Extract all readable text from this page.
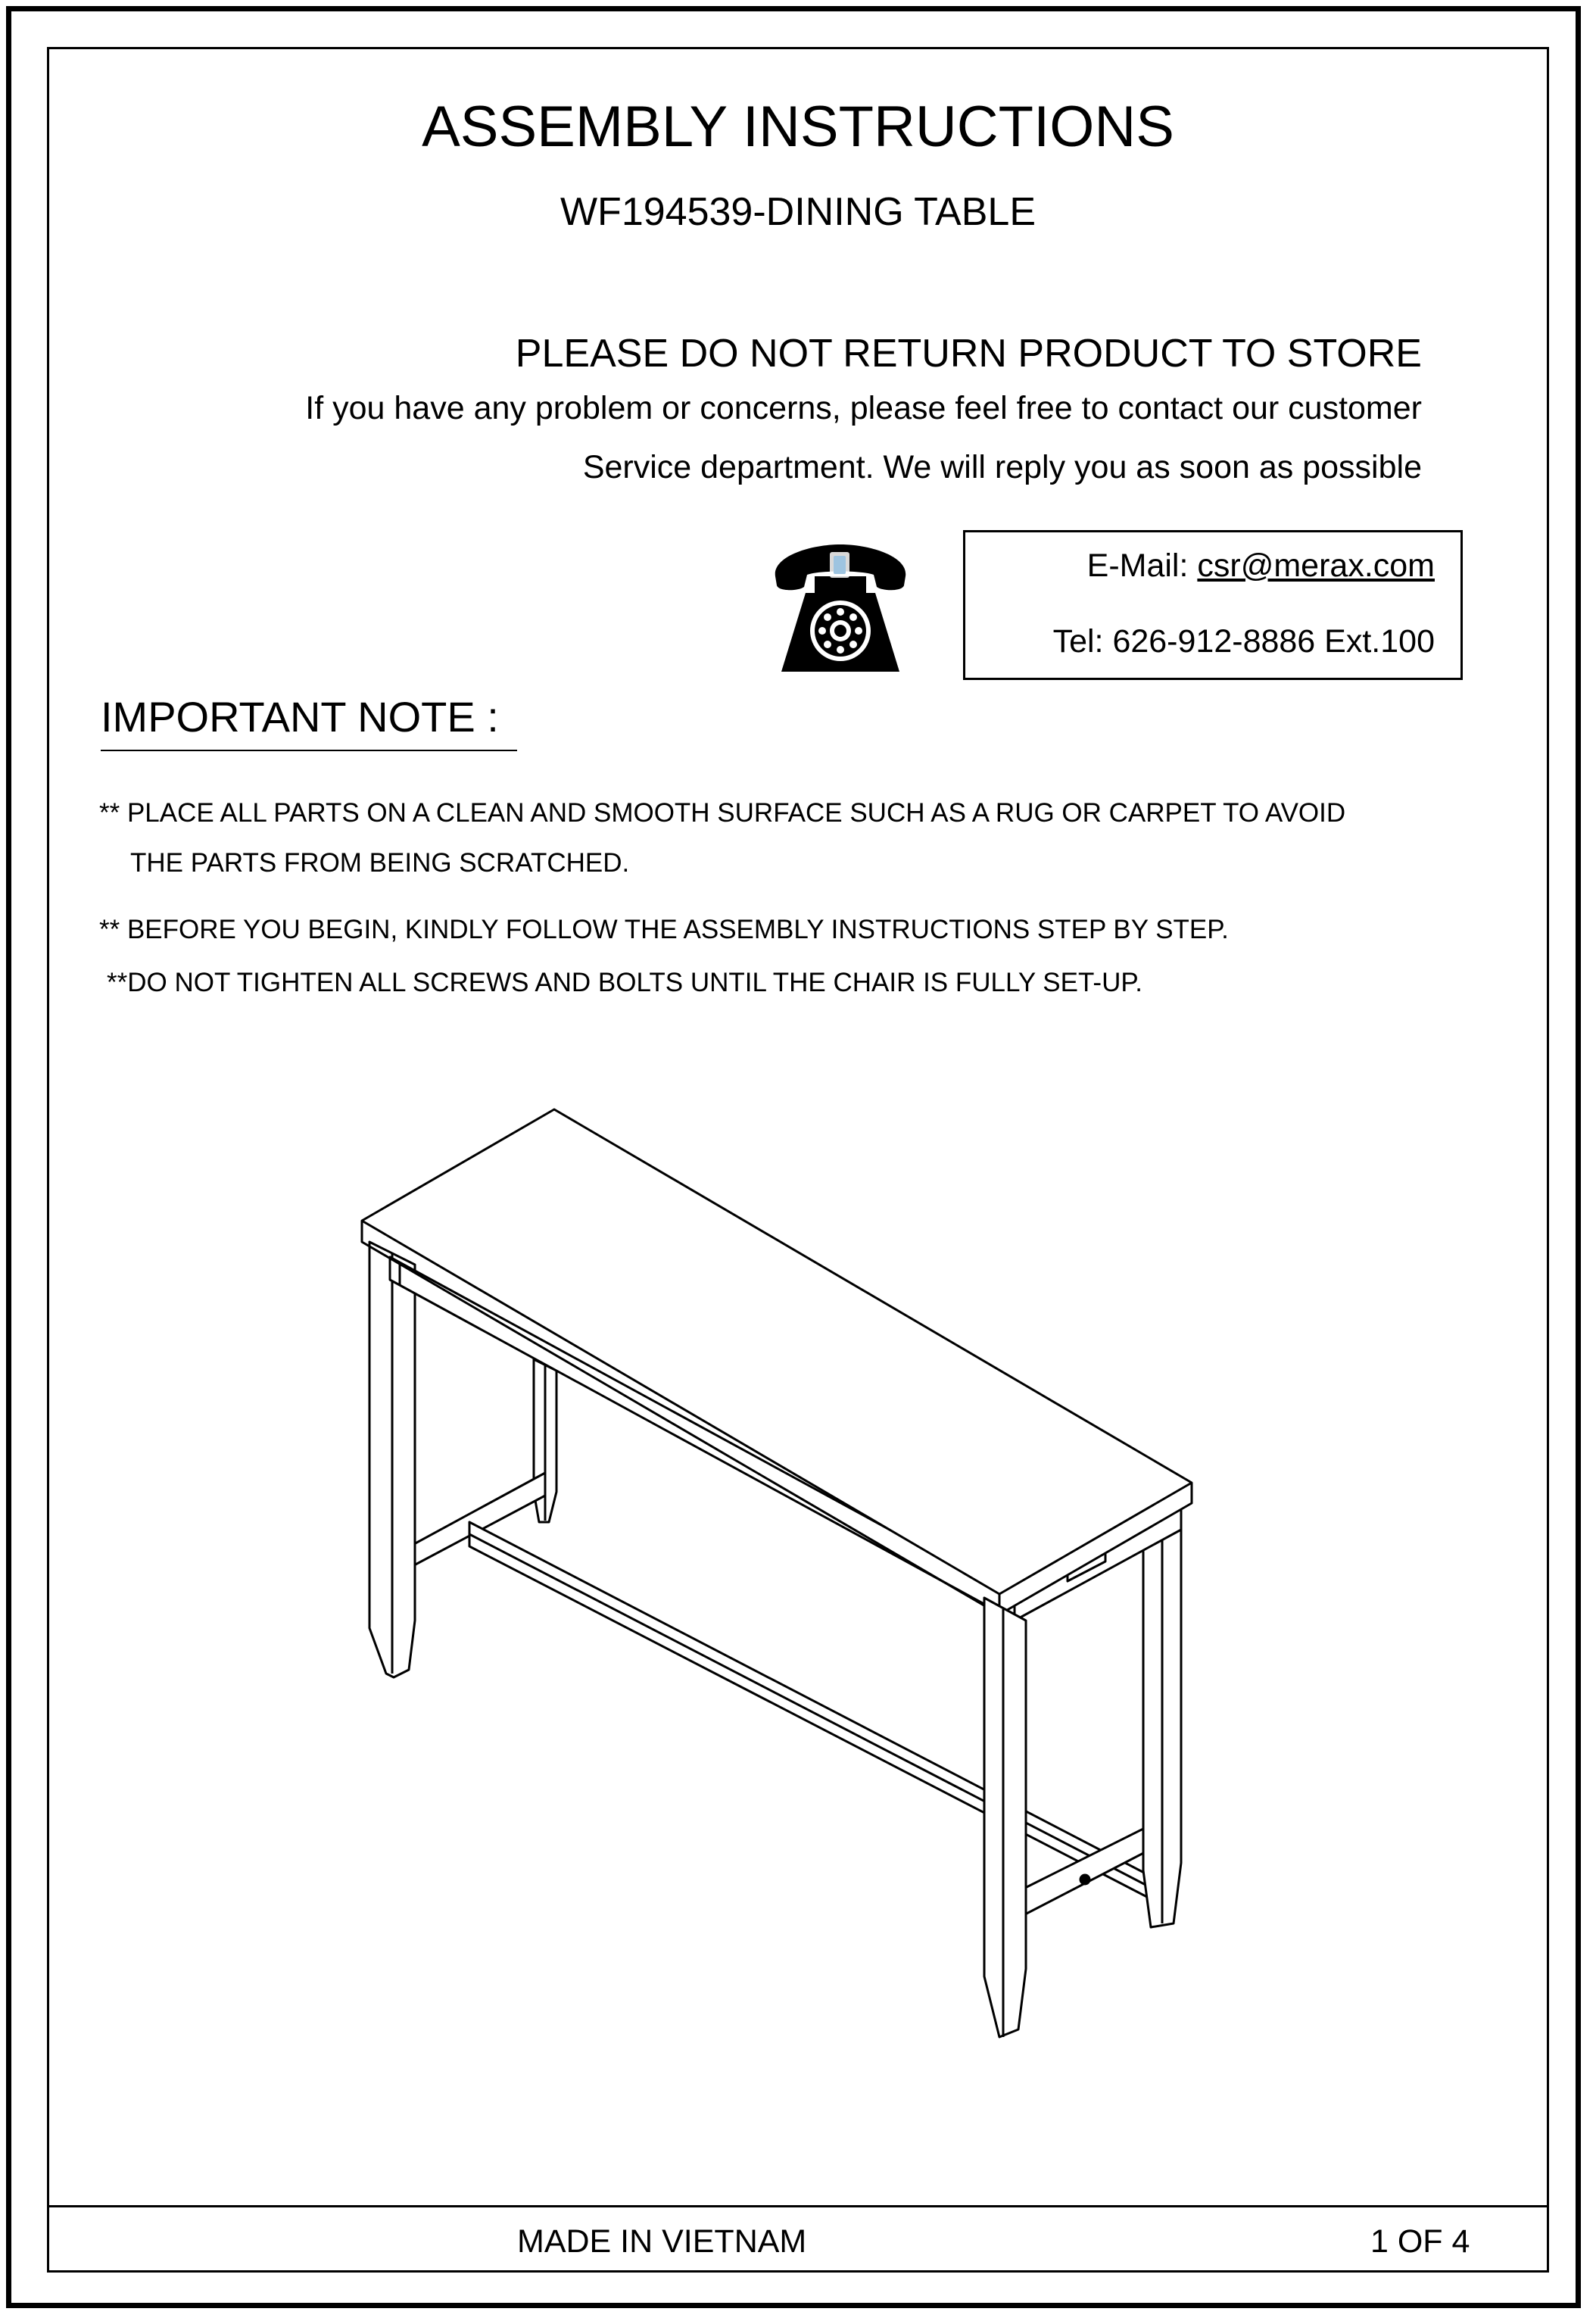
ASSEMBLY INSTRUCTIONS
WF194539-DINING TABLE
PLEASE DO NOT RETURN PRODUCT TO STORE
If you have any problem or concerns, please feel free to contact our customer
Service department. We will reply you as soon as possible
E-Mail: csr@merax.com
Tel: 626-912-8886 Ext.100
IMPORTANT NOTE :
** PLACE ALL PARTS ON A CLEAN AND SMOOTH SURFACE SUCH AS A RUG OR CARPET TO AVOID
THE PARTS FROM BEING SCRATCHED.
** BEFORE YOU BEGIN, KINDLY FOLLOW THE ASSEMBLY INSTRUCTIONS STEP BY STEP.
**DO NOT TIGHTEN ALL SCREWS AND BOLTS UNTIL THE CHAIR IS FULLY SET-UP.
MADE IN VIETNAM	1 OF 4
